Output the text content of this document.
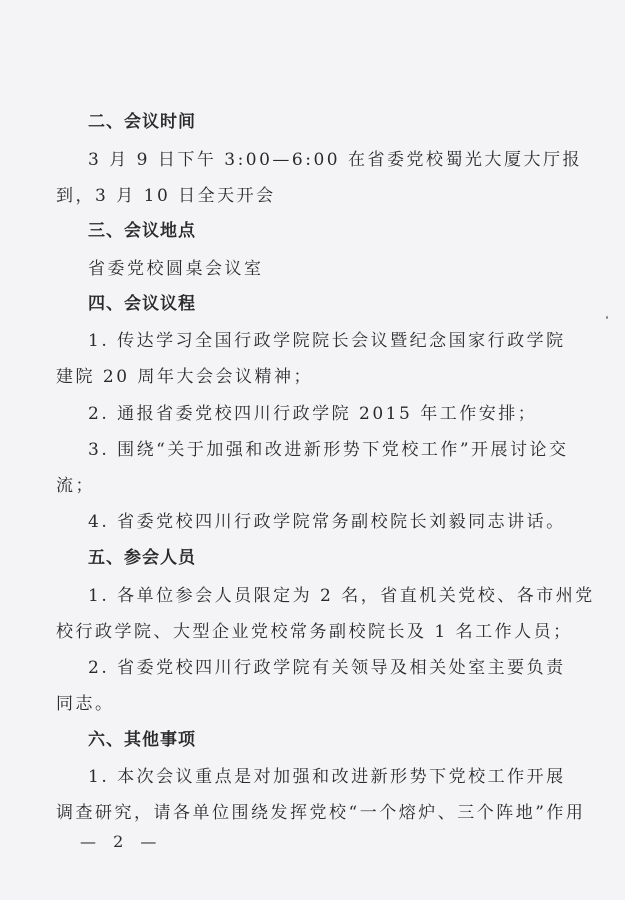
二、会议时间
3 月 9 日下午 3:00—6:00 在省委党校蜀光大厦大厅报
到，3 月 10 日全天开会
三、会议地点
省委党校圆桌会议室
四、会议议程
1. 传达学习全国行政学院院长会议暨纪念国家行政学院
建院 20 周年大会会议精神；
2. 通报省委党校四川行政学院 2015 年工作安排；
3. 围绕“关于加强和改进新形势下党校工作”开展讨论交
流；
4. 省委党校四川行政学院常务副校院长刘毅同志讲话。
五、参会人员
1. 各单位参会人员限定为 2 名，省直机关党校、各市州党
校行政学院、大型企业党校常务副校院长及 1 名工作人员；
2. 省委党校四川行政学院有关领导及相关处室主要负责
同志。
六、其他事项
1. 本次会议重点是对加强和改进新形势下党校工作开展
调查研究，请各单位围绕发挥党校“一个熔炉、三个阵地”作用
— 2 —
